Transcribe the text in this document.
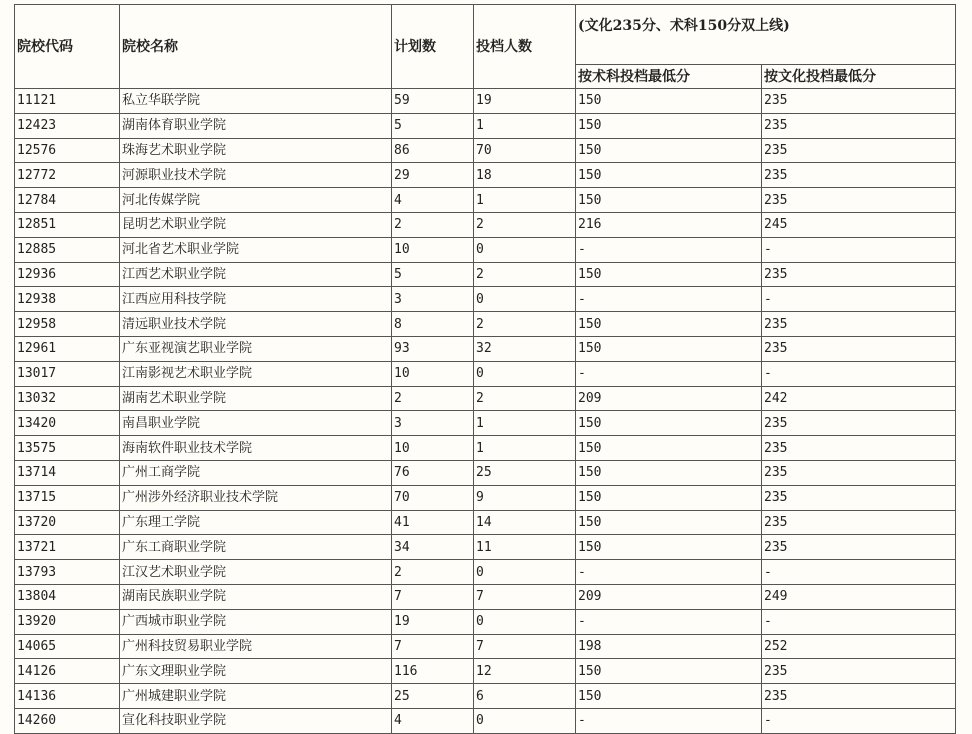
院校代码	院校名称	计划数	投档人数	(文化235分、术科150分双上线)	
				按术科投档最低分	按文化投档最低分
11121	私立华联学院	59	19	150	235
12423	湖南体育职业学院	5	1	150	235
12576	珠海艺术职业学院	86	70	150	235
12772	河源职业技术学院	29	18	150	235
12784	河北传媒学院	4	1	150	235
12851	昆明艺术职业学院	2	2	216	245
12885	河北省艺术职业学院	10	0	-	-
12936	江西艺术职业学院	5	2	150	235
12938	江西应用科技学院	3	0	-	-
12958	清远职业技术学院	8	2	150	235
12961	广东亚视演艺职业学院	93	32	150	235
13017	江南影视艺术职业学院	10	0	-	-
13032	湖南艺术职业学院	2	2	209	242
13420	南昌职业学院	3	1	150	235
13575	海南软件职业技术学院	10	1	150	235
13714	广州工商学院	76	25	150	235
13715	广州涉外经济职业技术学院	70	9	150	235
13720	广东理工学院	41	14	150	235
13721	广东工商职业学院	34	11	150	235
13793	江汉艺术职业学院	2	0	-	-
13804	湖南民族职业学院	7	7	209	249
13920	广西城市职业学院	19	0	-	-
14065	广州科技贸易职业学院	7	7	198	252
14126	广东文理职业学院	116	12	150	235
14136	广州城建职业学院	25	6	150	235
14260	宣化科技职业学院	4	0	-	-
